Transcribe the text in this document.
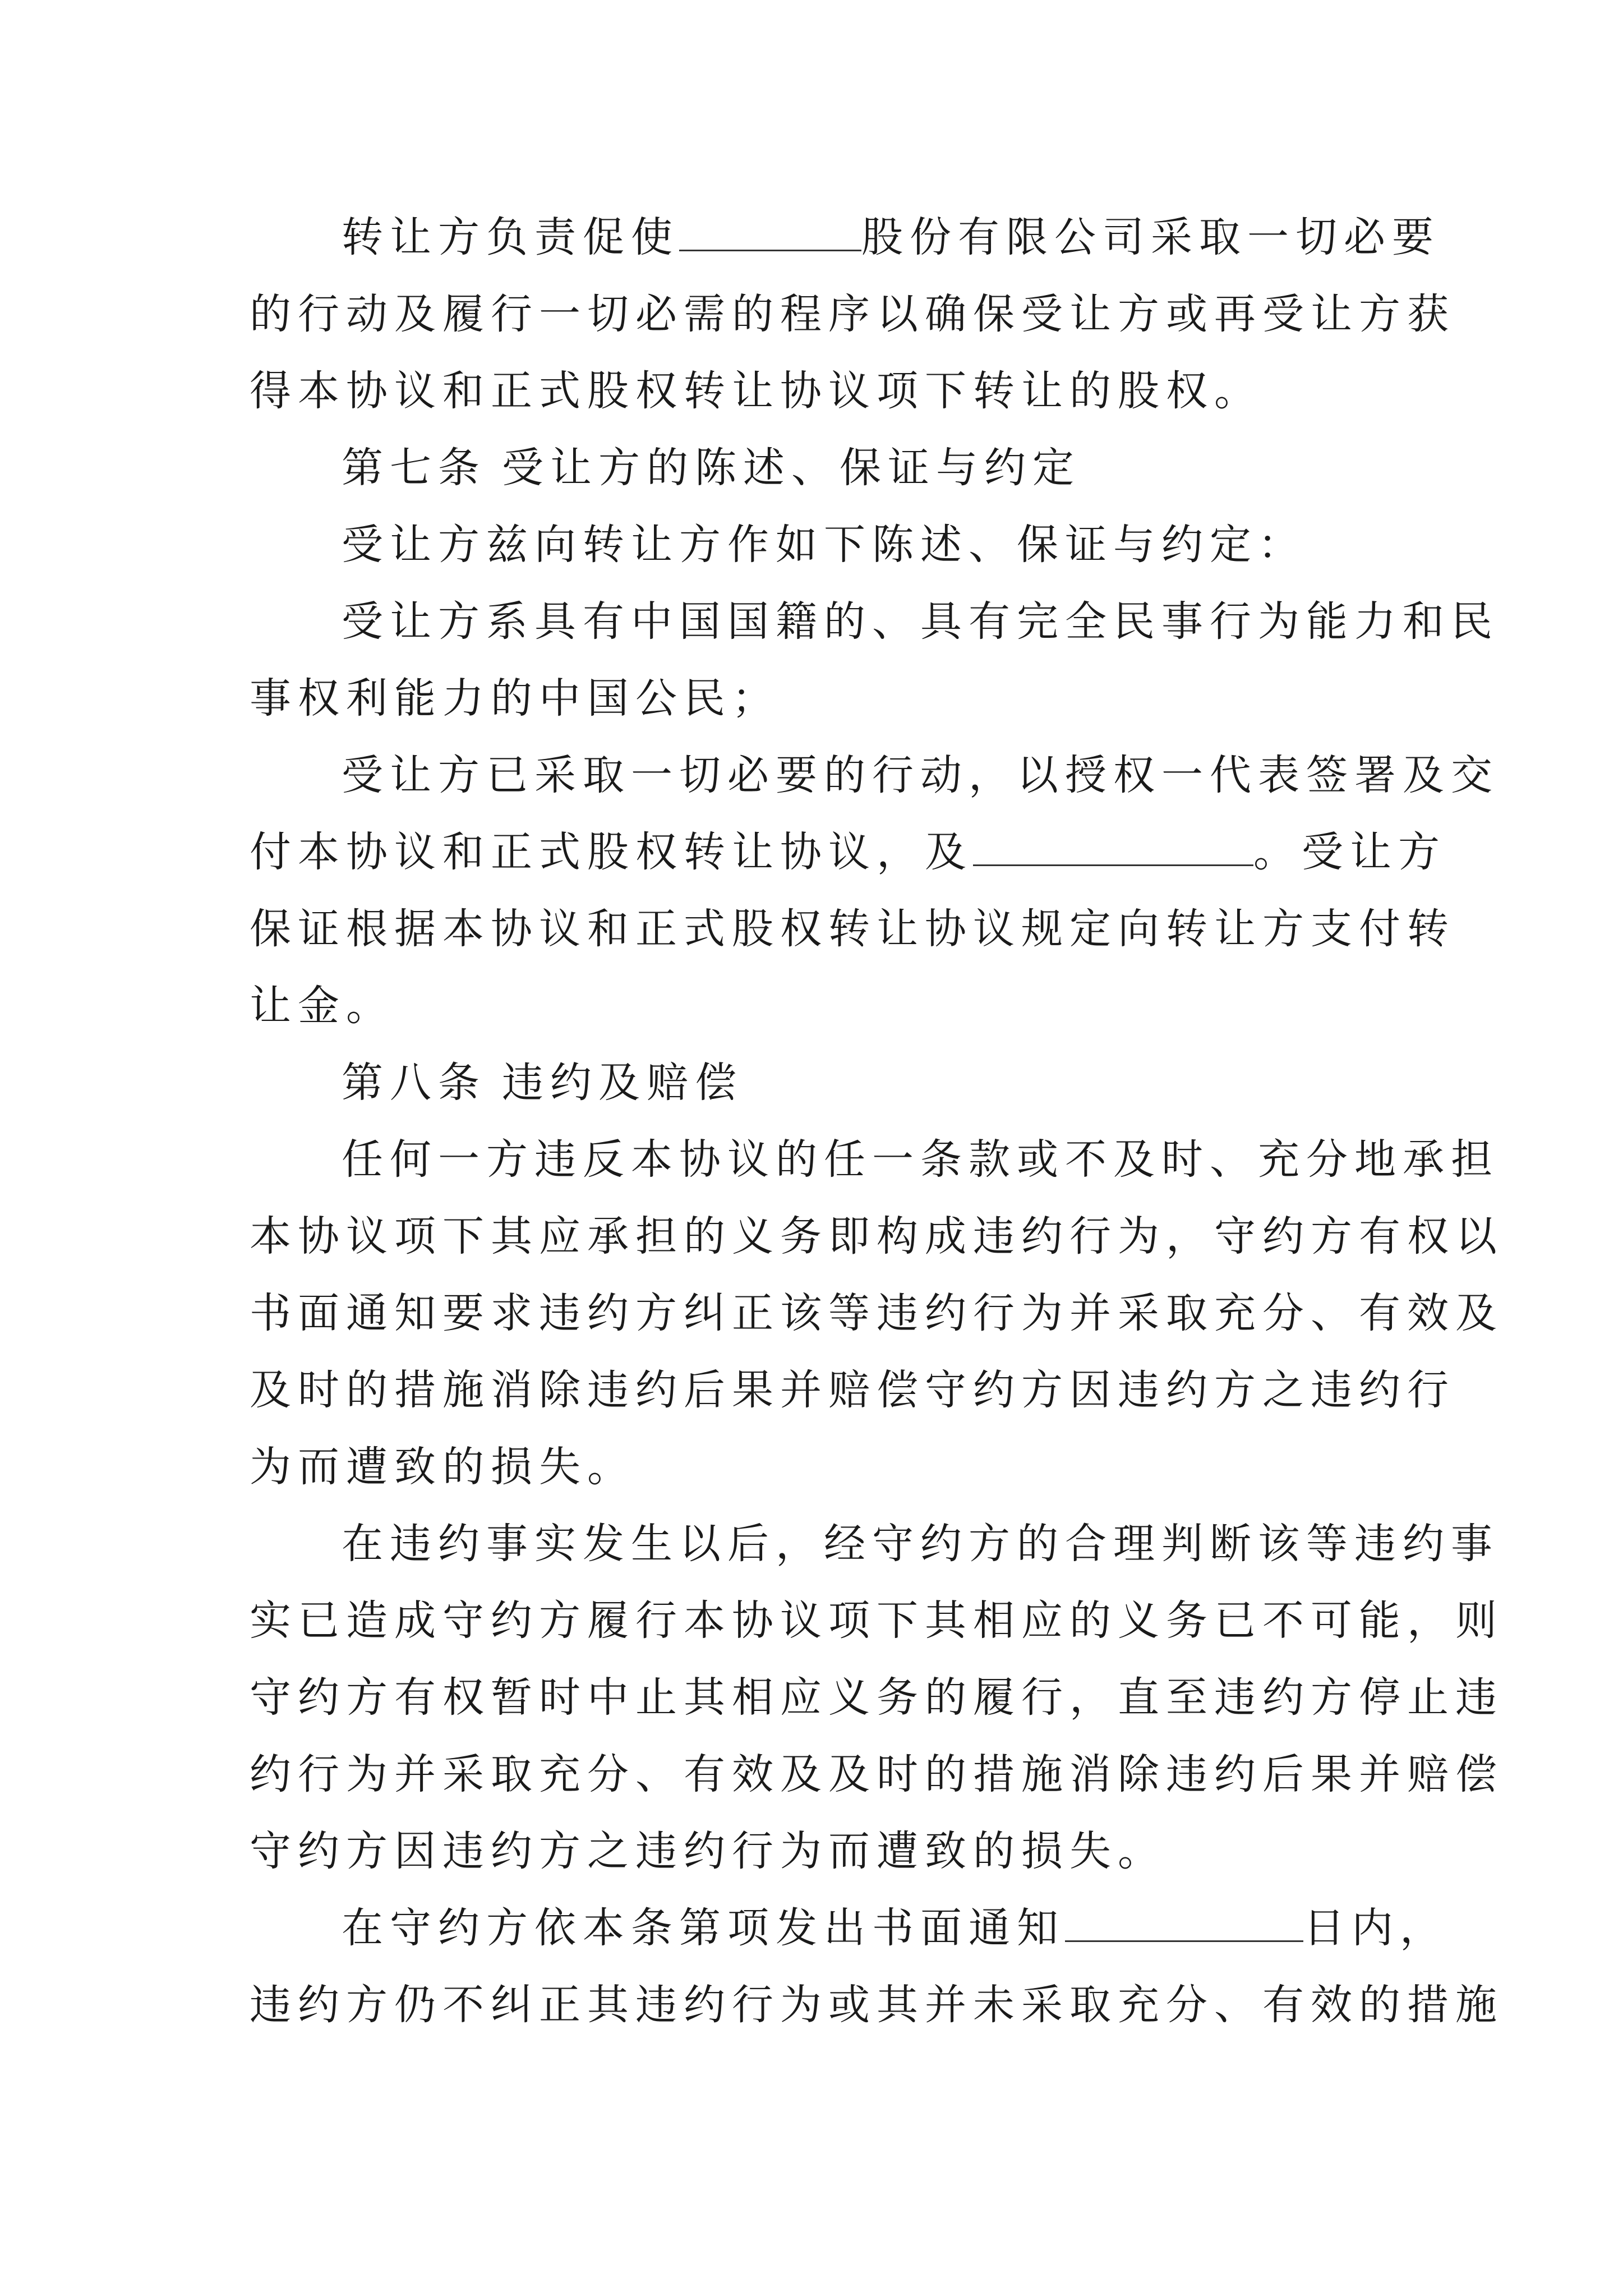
转让方负责促使	股份有限公司采取一切必要
的行动及履行一切必需的程序以确保受让方或再受让方获
得本协议和正式股权转让协议项下转让的股权。
第七条 受让方的陈述、保证与约定
受让方兹向转让方作如下陈述、保证与约定：
受让方系具有中国国籍的、具有完全民事行为能力和民
事权利能力的中国公民；
受让方已采取一切必要的行动，以授权一代表签署及交
付本协议和正式股权转让协议，及	。受让方
保证根据本协议和正式股权转让协议规定向转让方支付转
让金。
第八条 违约及赔偿
任何一方违反本协议的任一条款或不及时、充分地承担
本协议项下其应承担的义务即构成违约行为，守约方有权以
书面通知要求违约方纠正该等违约行为并采取充分、有效及
及时的措施消除违约后果并赔偿守约方因违约方之违约行
为而遭致的损失。
在违约事实发生以后，经守约方的合理判断该等违约事
实已造成守约方履行本协议项下其相应的义务已不可能，则
守约方有权暂时中止其相应义务的履行，直至违约方停止违
约行为并采取充分、有效及及时的措施消除违约后果并赔偿
守约方因违约方之违约行为而遭致的损失。
在守约方依本条第项发出书面通知	日内，
违约方仍不纠正其违约行为或其并未采取充分、有效的措施
